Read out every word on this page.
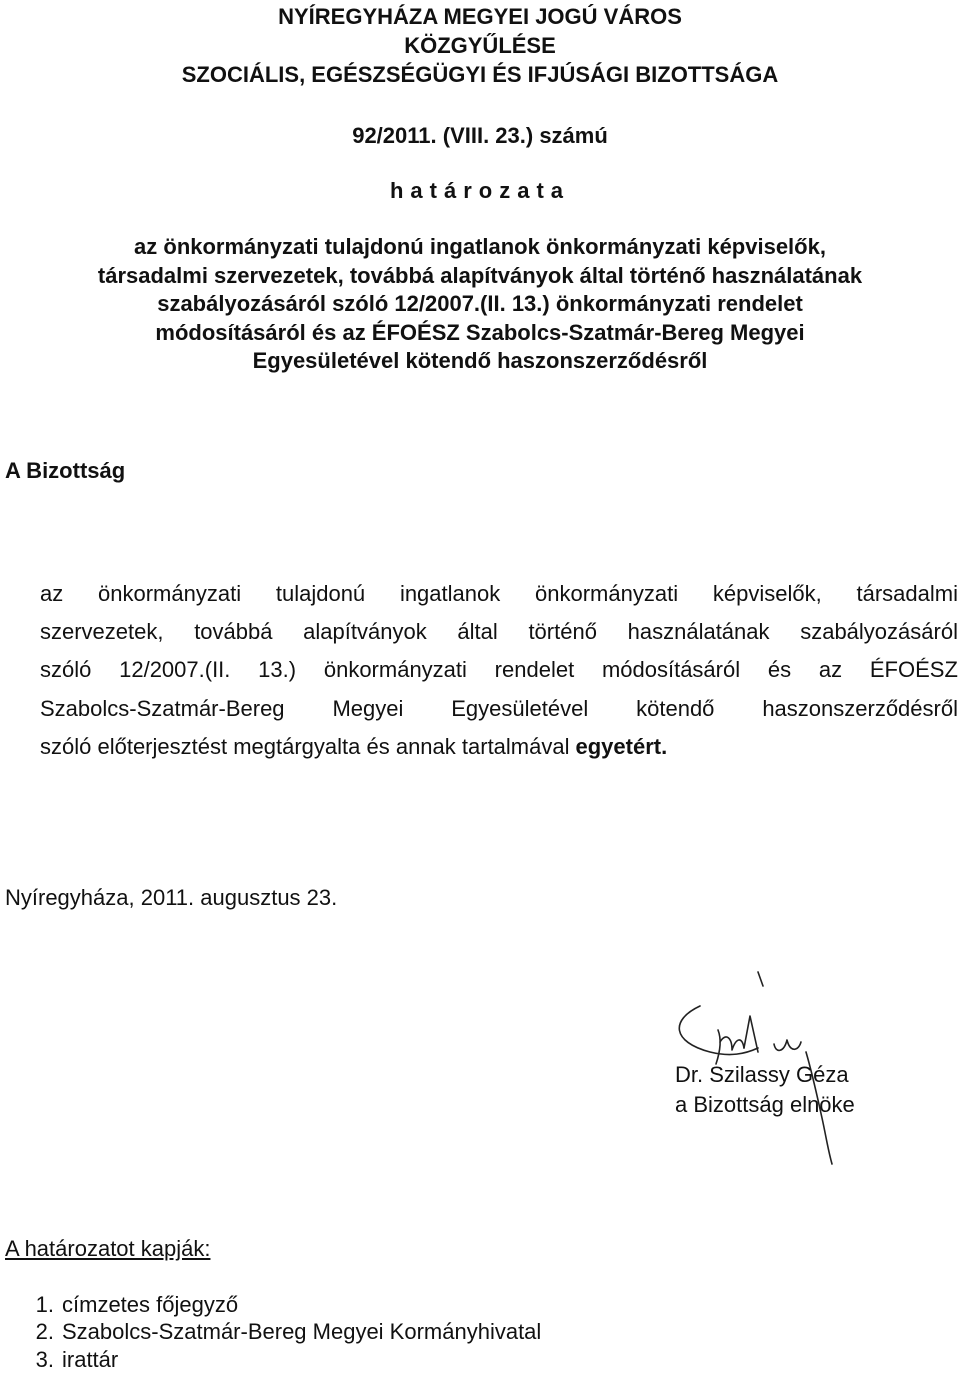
NYÍREGYHÁZA MEGYEI JOGÚ VÁROS

KÖZGYŰLÉSE

SZOCIÁLIS, EGÉSZSÉGÜGYI ÉS IFJÚSÁGI BIZOTTSÁGA

92/2011. (VIII. 23.) számú

határozata

az önkormányzati tulajdonú ingatlanok önkormányzati képviselők,
társadalmi szervezetek, továbbá alapítványok által történő használatának
szabályozásáról szóló 12/2007.(II. 13.) önkormányzati rendelet
módosításáról és az ÉFOÉSZ Szabolcs-Szatmár-Bereg Megyei
Egyesületével kötendő haszonszerződésről

A Bizottság

az önkormányzati tulajdonú ingatlanok önkormányzati képviselők, társadalmi
szervezetek, továbbá alapítványok által történő használatának szabályozásáról
szóló 12/2007.(II. 13.) önkormányzati rendelet módosításáról és az ÉFOÉSZ
Szabolcs-Szatmár-Bereg Megyei Egyesületével kötendő haszonszerződésről
szóló előterjesztést megtárgyalta és annak tartalmával egyetért.

Nyíregyháza, 2011. augusztus 23.

Dr. Szilassy Géza
a Bizottság elnöke

A határozatot kapják:

1. címzetes főjegyző
2. Szabolcs-Szatmár-Bereg Megyei Kormányhivatal
3. irattár
